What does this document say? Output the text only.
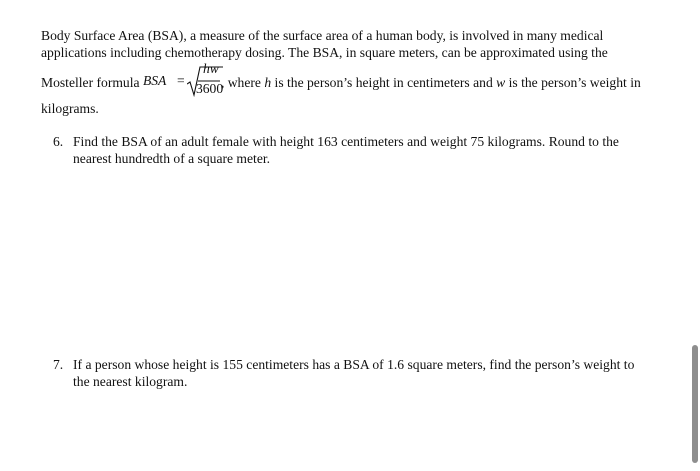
Body Surface Area (BSA), a measure of the surface area of a human body, is involved in many medical
applications including chemotherapy dosing. The BSA, in square meters, can be approximated using the
Mosteller formula BSA =
hw
3600
, where h is the person’s height in centimeters and w is the person’s weight in
kilograms.
6. Find the BSA of an adult female with height 163 centimeters and weight 75 kilograms. Round to the
nearest hundredth of a square meter.
7. If a person whose height is 155 centimeters has a BSA of 1.6 square meters, find the person’s weight to
the nearest kilogram.
